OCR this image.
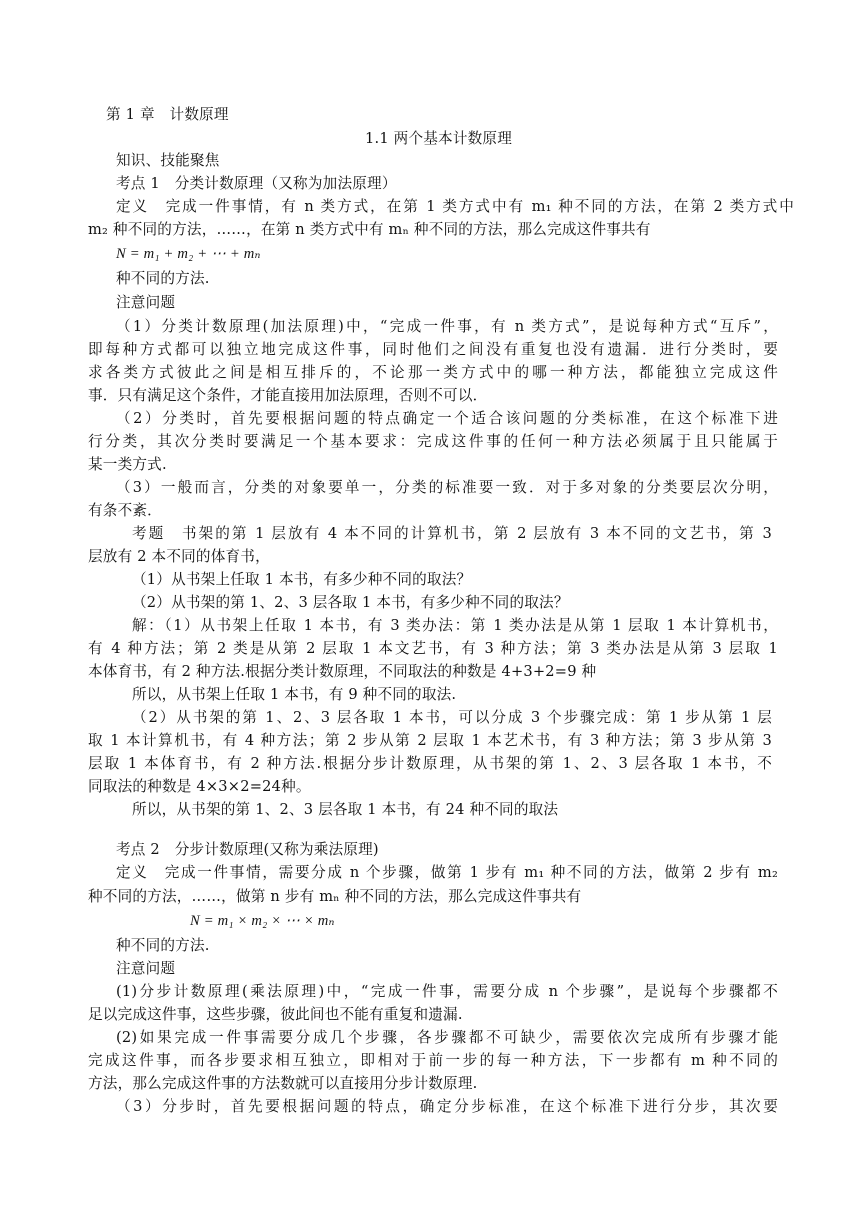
第 1 章　计数原理
1.1 两个基本计数原理
知识、技能聚焦
考点 1　分类计数原理（又称为加法原理）
定义　完成一件事情，有 n 类方式，在第 1 类方式中有 m₁ 种不同的方法，在第 2 类方式中
m₂ 种不同的方法，……，在第 n 类方式中有 mₙ 种不同的方法，那么完成这件事共有
N = m₁ + m₂ + ⋯ + mₙ
种不同的方法.
注意问题
（1）分类计数原理(加法原理)中，“完成一件事，有 n 类方式”，是说每种方式“互斥”，
即每种方式都可以独立地完成这件事，同时他们之间没有重复也没有遗漏．进行分类时，要
求各类方式彼此之间是相互排斥的，不论那一类方式中的哪一种方法，都能独立完成这件
事．只有满足这个条件，才能直接用加法原理，否则不可以．
（2）分类时，首先要根据问题的特点确定一个适合该问题的分类标准，在这个标准下进
行分类，其次分类时要满足一个基本要求：完成这件事的任何一种方法必须属于且只能属于
某一类方式.
（3）一般而言，分类的对象要单一，分类的标准要一致．对于多对象的分类要层次分明，
有条不紊．
考题　书架的第 1 层放有 4 本不同的计算机书，第 2 层放有 3 本不同的文艺书，第 3
层放有 2 本不同的体育书，
（1）从书架上任取 1 本书，有多少种不同的取法？
（2）从书架的第 1、2、3 层各取 1 本书，有多少种不同的取法？
解：（1）从书架上任取 1 本书，有 3 类办法：第 1 类办法是从第 1 层取 1 本计算机书，
有 4 种方法；第 2 类是从第 2 层取 1 本文艺书，有 3 种方法；第 3 类办法是从第 3 层取 1
本体育书，有 2 种方法.根据分类计数原理，不同取法的种数是 4+3+2=9 种
所以，从书架上任取 1 本书，有 9 种不同的取法.
（2）从书架的第 1、2、3 层各取 1 本书，可以分成 3 个步骤完成：第 1 步从第 1 层
取 1 本计算机书，有 4 种方法；第 2 步从第 2 层取 1 本艺术书，有 3 种方法；第 3 步从第 3
层取 1 本体育书，有 2 种方法.根据分步计数原理，从书架的第 1、2、3 层各取 1 本书，不
同取法的种数是 4×3×2=24种。
所以，从书架的第 1、2、3 层各取 1 本书，有 24 种不同的取法
考点 2　分步计数原理(又称为乘法原理)
定义　完成一件事情，需要分成 n 个步骤，做第 1 步有 m₁ 种不同的方法，做第 2 步有 m₂
种不同的方法，……，做第 n 步有 mₙ 种不同的方法，那么完成这件事共有
N = m₁ × m₂ × ⋯ × mₙ
种不同的方法.
注意问题
(1)分步计数原理(乘法原理)中，“完成一件事，需要分成 n 个步骤”，是说每个步骤都不
足以完成这件事，这些步骤，彼此间也不能有重复和遗漏.
(2)如果完成一件事需要分成几个步骤，各步骤都不可缺少，需要依次完成所有步骤才能
完成这件事，而各步要求相互独立，即相对于前一步的每一种方法，下一步都有 m 种不同的
方法，那么完成这件事的方法数就可以直接用分步计数原理.
（3）分步时，首先要根据问题的特点，确定分步标准，在这个标准下进行分步，其次要
